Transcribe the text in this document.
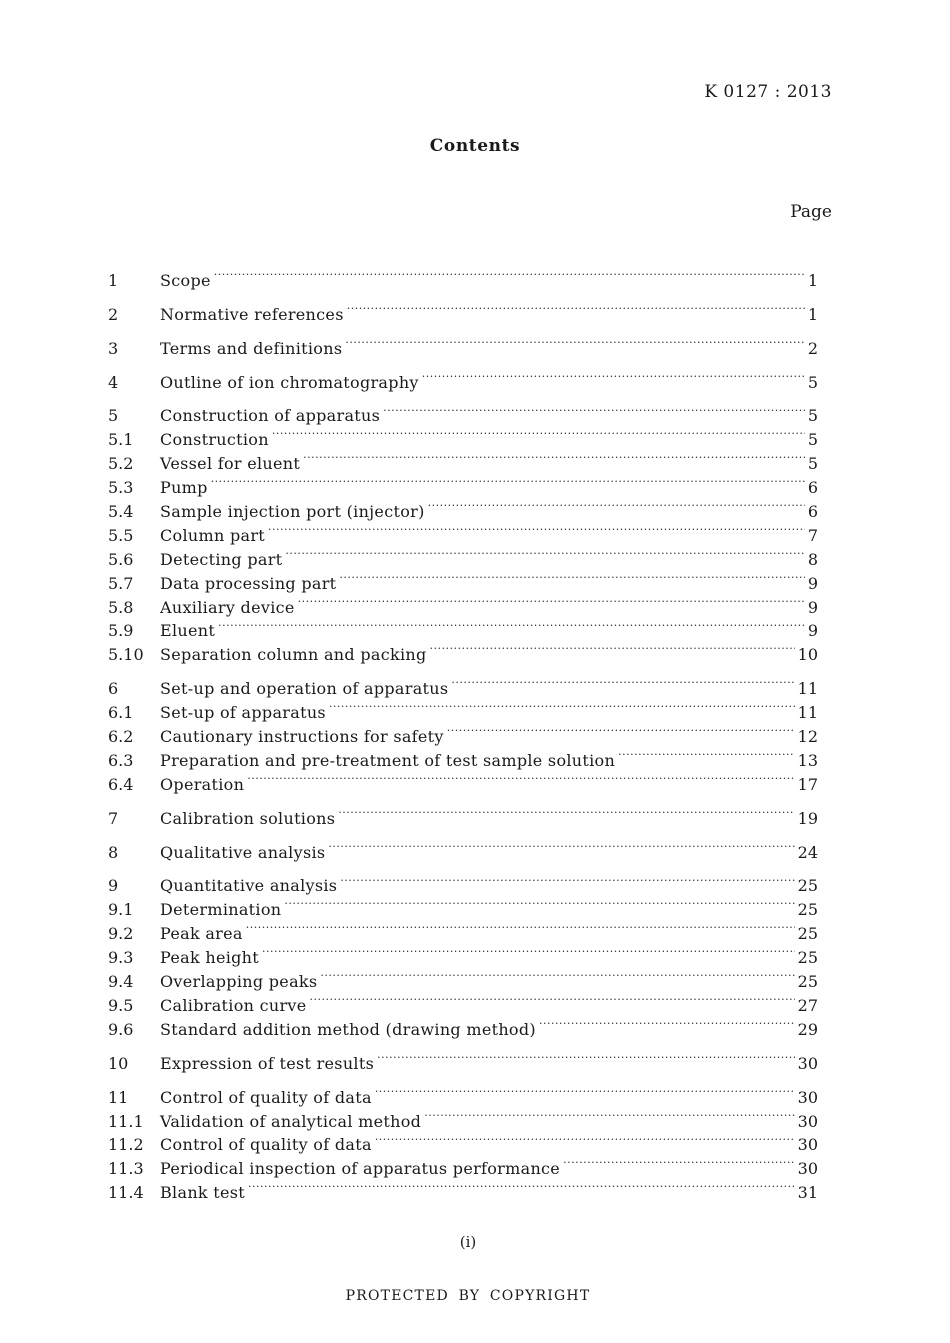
K 0127 : 2013
Contents
Page
1	Scope ·····	1
2	Normative references ·····	1
3	Terms and definitions ·····	2
4	Outline of ion chromatography ·····	5
5	Construction of apparatus ·····	5
5.1	Construction ·····	5
5.2	Vessel for eluent ·····	5
5.3	Pump ·····	6
5.4	Sample injection port (injector) ·····	6
5.5	Column part ·····	7
5.6	Detecting part ·····	8
5.7	Data processing part ·····	9
5.8	Auxiliary device ·····	9
5.9	Eluent ·····	9
5.10	Separation column and packing ·····	10
6	Set-up and operation of apparatus ·····	11
6.1	Set-up of apparatus ·····	11
6.2	Cautionary instructions for safety ·····	12
6.3	Preparation and pre-treatment of test sample solution ·····	13
6.4	Operation ·····	17
7	Calibration solutions ·····	19
8	Qualitative analysis ·····	24
9	Quantitative analysis ·····	25
9.1	Determination ·····	25
9.2	Peak area ·····	25
9.3	Peak height ·····	25
9.4	Overlapping peaks ·····	25
9.5	Calibration curve ·····	27
9.6	Standard addition method (drawing method) ·····	29
10	Expression of test results ·····	30
11	Control of quality of data ·····	30
11.1	Validation of analytical method ·····	30
11.2	Control of quality of data ·····	30
11.3	Periodical inspection of apparatus performance ·····	30
11.4	Blank test ·····	31
(i)
PROTECTED BY COPYRIGHT
